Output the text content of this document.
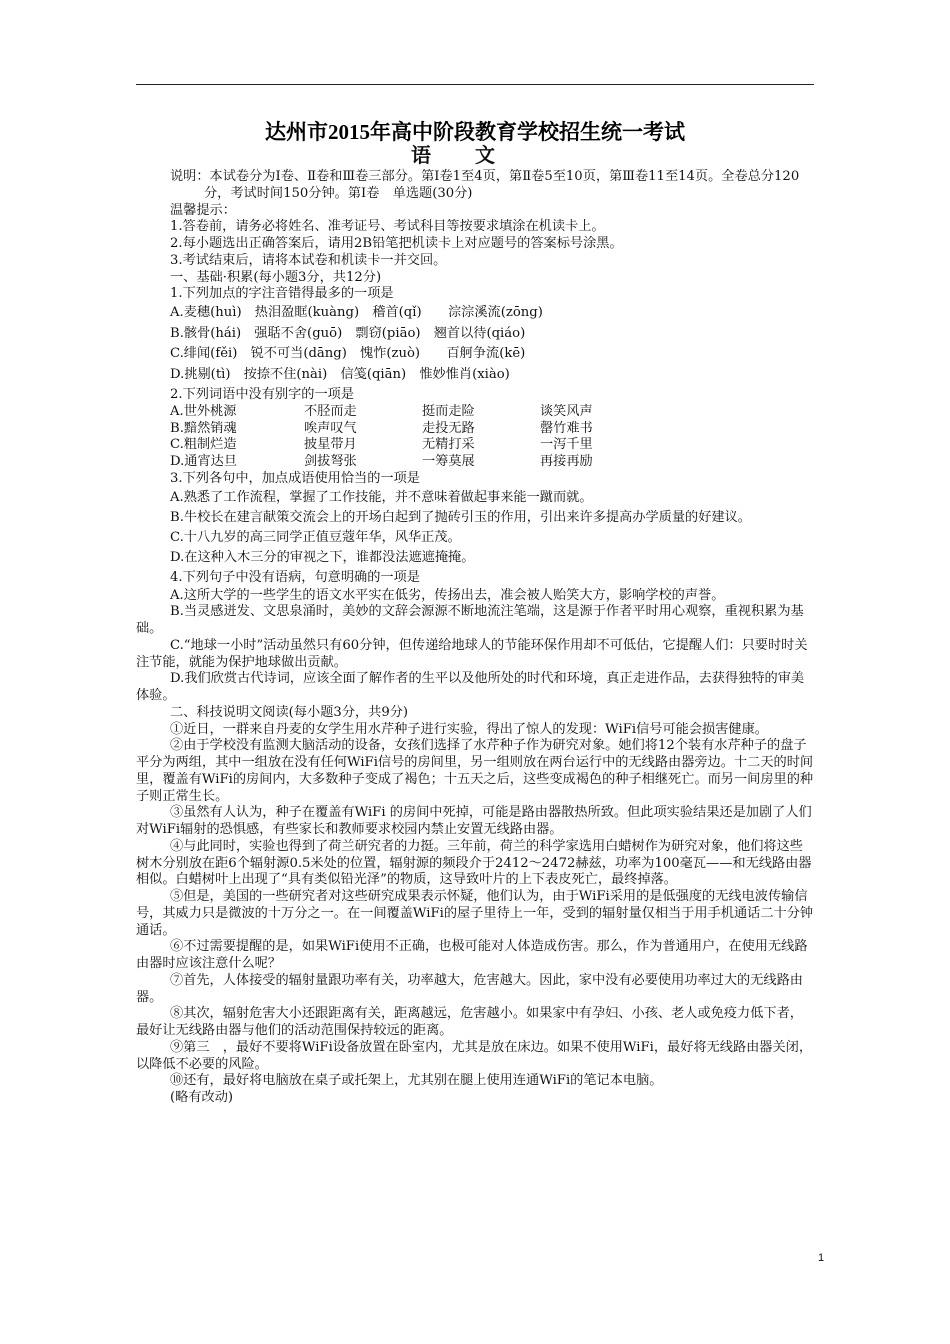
达州市2015年高中阶段教育学校招生统一考试
语文
说明：本试卷分为Ⅰ卷、Ⅱ卷和Ⅲ卷三部分。第Ⅰ卷1至4页，第Ⅱ卷5至10页，第Ⅲ卷11至14页。全卷总分120分，考试时间150分钟。第Ⅰ卷　单选题(30分)
温馨提示：
1.答卷前，请务必将姓名、准考证号、考试科目等按要求填涂在机读卡上。
2.每小题选出正确答案后，请用2B铅笔把机读卡上对应题号的答案标号涂黑。
3.考试结束后，请将本试卷和机读卡一并交回。
一、基础·积累(每小题3分，共12分)
1.下列加点的字注音错得最多的一项是
A.麦穗(huì)　热泪盈眶(kuàng)　稽首(qǐ)　　淙淙溪流(zōng)
B.骸骨(hái)　强聒不舍(guō)　剽窃(piāo)　翘首以待(qiáo)
C.绯闻(fěi)　锐不可当(dāng)　愧怍(zuò)　　百舸争流(kē)
D.挑剔(tì)　按捺不住(nài)　信笺(qiān)　惟妙惟肖(xiào)
2.下列词语中没有别字的一项是
A.世外桃源	不胫而走	挺而走险	谈笑风声
B.黯然销魂	唉声叹气	走投无路	罄竹难书
C.粗制烂造	披星带月	无精打采	一泻千里
D.通宵达旦	剑拔弩张	一筹莫展	再接再励
3.下列各句中，加点成语使用恰当的一项是
A.熟悉了工作流程，掌握了工作技能，并不意味着做起事来能一蹴而就。
B.牛校长在建言献策交流会上的开场白起到了抛砖引玉的作用，引出来许多提高办学质量的好建议。
C.十八九岁的高三同学正值豆蔻年华，风华正茂。
D.在这种入木三分的审视之下，谁都没法遮遮掩掩。
4.下列句子中没有语病，句意明确的一项是
A.这所大学的一些学生的语文水平实在低劣，传扬出去，准会被人贻笑大方，影响学校的声誉。
B.当灵感迸发、文思泉涌时，美妙的文辞会源源不断地流注笔端，这是源于作者平时用心观察，重视积累为基础。
C.“地球一小时”活动虽然只有60分钟，但传递给地球人的节能环保作用却不可低估，它提醒人们：只要时时关注节能，就能为保护地球做出贡献。
D.我们欣赏古代诗词，应该全面了解作者的生平以及他所处的时代和环境，真正走进作品，去获得独特的审美体验。
二、科技说明文阅读(每小题3分，共9分)
①近日，一群来自丹麦的女学生用水芹种子进行实验，得出了惊人的发现：WiFi信号可能会损害健康。
②由于学校没有监测大脑活动的设备，女孩们选择了水芹种子作为研究对象。她们将12个装有水芹种子的盘子平分为两组，其中一组放在没有任何WiFi信号的房间里，另一组则放在两台运行中的无线路由器旁边。十二天的时间里，覆盖有WiFi的房间内，大多数种子变成了褐色；十五天之后，这些变成褐色的种子相继死亡。而另一间房里的种子则正常生长。
③虽然有人认为，种子在覆盖有WiFi 的房间中死掉，可能是路由器散热所致。但此项实验结果还是加剧了人们对WiFi辐射的恐惧感，有些家长和教师要求校园内禁止安置无线路由器。
④与此同时，实验也得到了荷兰研究者的力挺。三年前，荷兰的科学家选用白蜡树作为研究对象，他们将这些树木分别放在距6个辐射源0.5米处的位置，辐射源的频段介于2412～2472赫兹，功率为100毫瓦——和无线路由器相似。白蜡树叶上出现了“具有类似铅光泽”的物质，这导致叶片的上下表皮死亡，最终掉落。
⑤但是，美国的一些研究者对这些研究成果表示怀疑，他们认为，由于WiFi采用的是低强度的无线电波传输信号，其威力只是微波的十万分之一。在一间覆盖WiFi的屋子里待上一年，受到的辐射量仅相当于用手机通话二十分钟通话。
⑥不过需要提醒的是，如果WiFi使用不正确，也极可能对人体造成伤害。那么，作为普通用户，在使用无线路由器时应该注意什么呢？
⑦首先，人体接受的辐射量跟功率有关，功率越大，危害越大。因此，家中没有必要使用功率过大的无线路由器。
⑧其次，辐射危害大小还跟距离有关，距离越远，危害越小。如果家中有孕妇、小孩、老人或免疫力低下者，最好让无线路由器与他们的活动范围保持较远的距离。
⑨第三　，最好不要将WiFi设备放置在卧室内，尤其是放在床边。如果不使用WiFi，最好将无线路由器关闭，以降低不必要的风险。
⑩还有，最好将电脑放在桌子或托架上，尤其别在腿上使用连通WiFi的笔记本电脑。
(略有改动)
1
